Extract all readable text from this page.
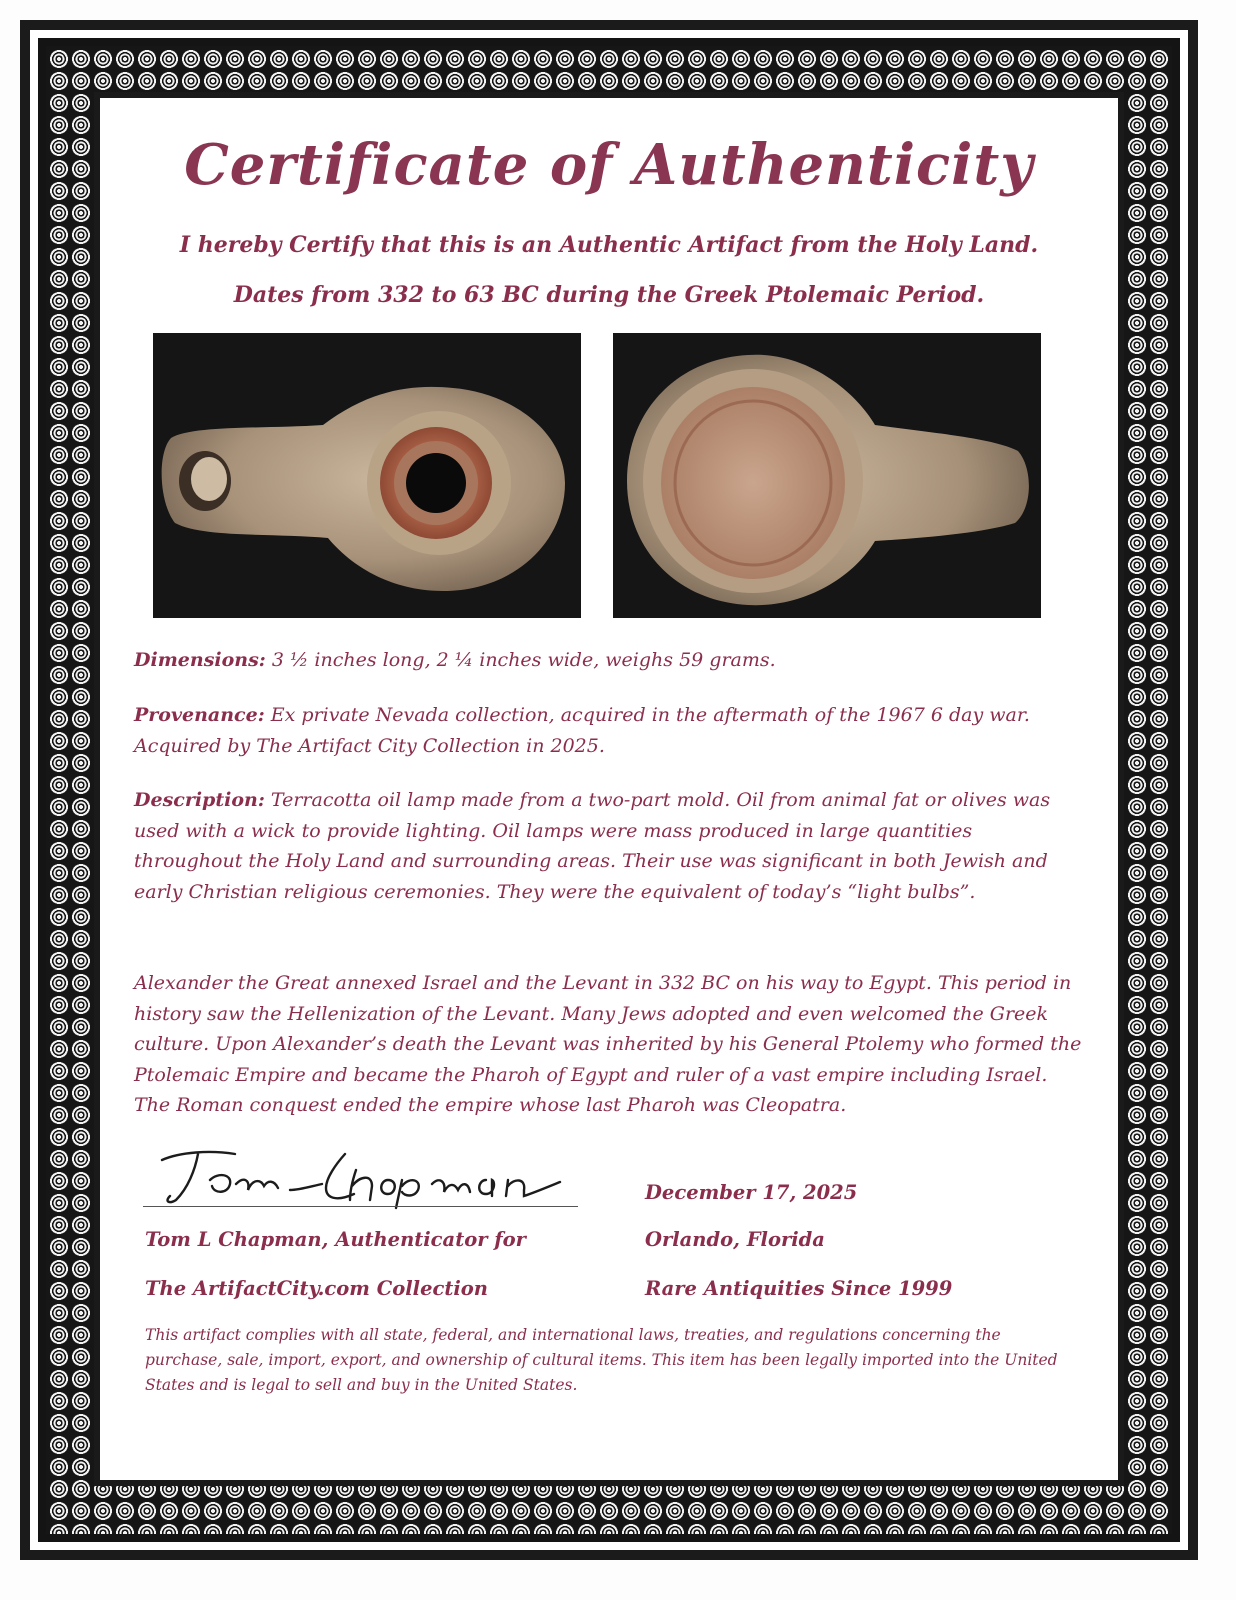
Certificate of Authenticity
I hereby Certify that this is an Authentic Artifact from the Holy Land.
Dates from 332 to 63 BC during the Greek Ptolemaic Period.
Dimensions: 3 ½ inches long, 2 ¼ inches wide, weighs 59 grams.
Provenance: Ex private Nevada collection, acquired in the aftermath of the 1967 6 day war. Acquired by The Artifact City Collection in 2025.
Description: Terracotta oil lamp made from a two-part mold. Oil from animal fat or olives was used with a wick to provide lighting. Oil lamps were mass produced in large quantities throughout the Holy Land and surrounding areas. Their use was significant in both Jewish and early Christian religious ceremonies. They were the equivalent of today’s “light bulbs”.
Alexander the Great annexed Israel and the Levant in 332 BC on his way to Egypt. This period in history saw the Hellenization of the Levant. Many Jews adopted and even welcomed the Greek culture. Upon Alexander’s death the Levant was inherited by his General Ptolemy who formed the Ptolemaic Empire and became the Pharoh of Egypt and ruler of a vast empire including Israel. The Roman conquest ended the empire whose last Pharoh was Cleopatra.
Tom L Chapman, Authenticator for
The ArtifactCity.com Collection
December 17, 2025
Orlando, Florida
Rare Antiquities Since 1999
This artifact complies with all state, federal, and international laws, treaties, and regulations concerning the purchase, sale, import, export, and ownership of cultural items. This item has been legally imported into the United States and is legal to sell and buy in the United States.
